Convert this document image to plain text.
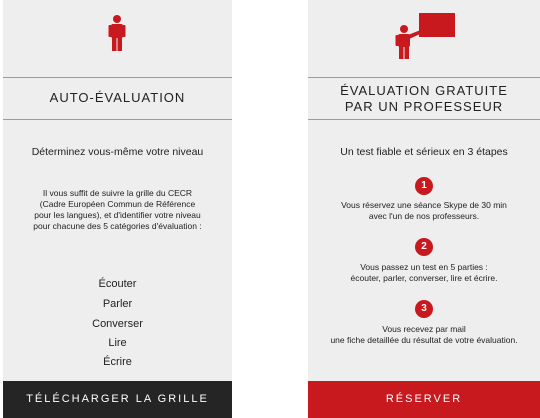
AUTO-ÉVALUATION
Déterminez vous-même votre niveau
Il vous suffit de suivre la grille du CECR
(Cadre Européen Commun de Référence
pour les langues), et d'identifier votre niveau
pour chacune des 5 catégories d'évaluation :
Écouter
Parler
Converser
Lire
Écrire
TÉLÉCHARGER LA GRILLE
ÉVALUATION GRATUITE
PAR UN PROFESSEUR
Un test fiable et sérieux en 3 étapes
1
Vous réservez une séance Skype de 30 min
avec l'un de nos professeurs.
2
Vous passez un test en 5 parties :
écouter, parler, converser, lire et écrire.
3
Vous recevez par mail
une fiche detaillée du résultat de votre évaluation.
RÉSERVER
